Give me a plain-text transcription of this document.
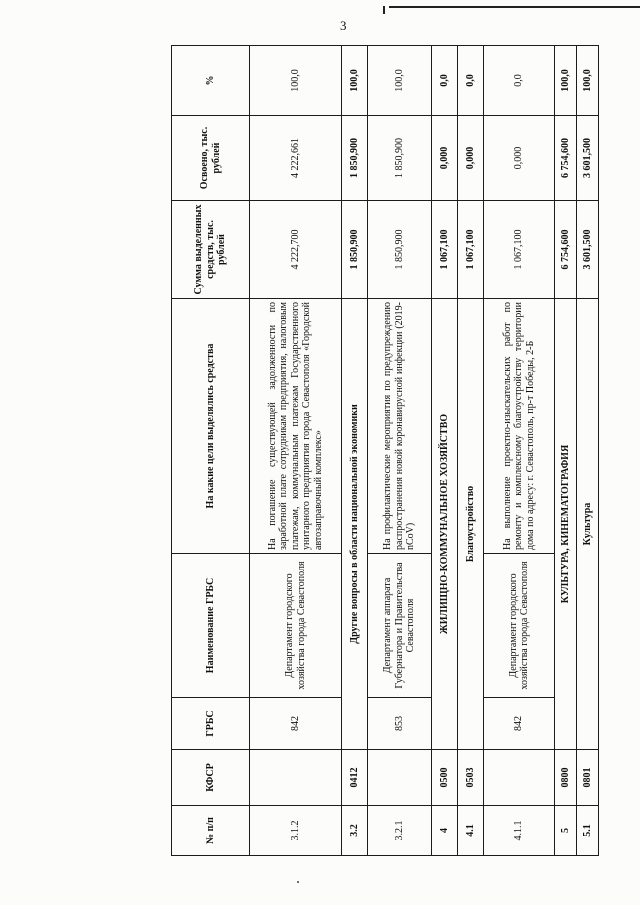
3
№ п/п	КФСР	ГРБС	Наименование ГРБС	На какие цели выделялись средства	Сумма выделенных средств, тыс. рублей	Освоено, тыс. рублей	%
3.1.2		842	Департамент городского хозяйства города Севастополя	На погашение существующей задолженности по заработной плате сотрудникам предприятия, налоговым платежам, коммунальным платежам Государственного унитарного предприятия города Севастополя «Городской автозаправочный комплекс»	4 222,700	4 222,661	100,0
3.2	0412	Другие вопросы в области национальной экономики			1 850,900	1 850,900	100,0
3.2.1		853	Департамент аппарата Губернатора и Правительства Севастополя	На профилактические мероприятия по предупреждению распространения новой коронавирусной инфекции (2019-nCoV)	1 850,900	1 850,900	100,0
4	0500	ЖИЛИЩНО-КОММУНАЛЬНОЕ ХОЗЯЙСТВО			1 067,100	0,000	0,0
4.1	0503	Благоустройство			1 067,100	0,000	0,0
4.1.1		842	Департамент городского хозяйства города Севастополя	На выполнение проектно-изыскательских работ по ремонту и комплексному благоустройству территории дома по адресу: г. Севастополь, пр-т Победы, 2-Б	1 067,100	0,000	0,0
5	0800	КУЛЬТУРА, КИНЕМАТОГРАФИЯ			6 754,600	6 754,600	100,0
5.1	0801	Культура			3 601,500	3 601,500	100,0
